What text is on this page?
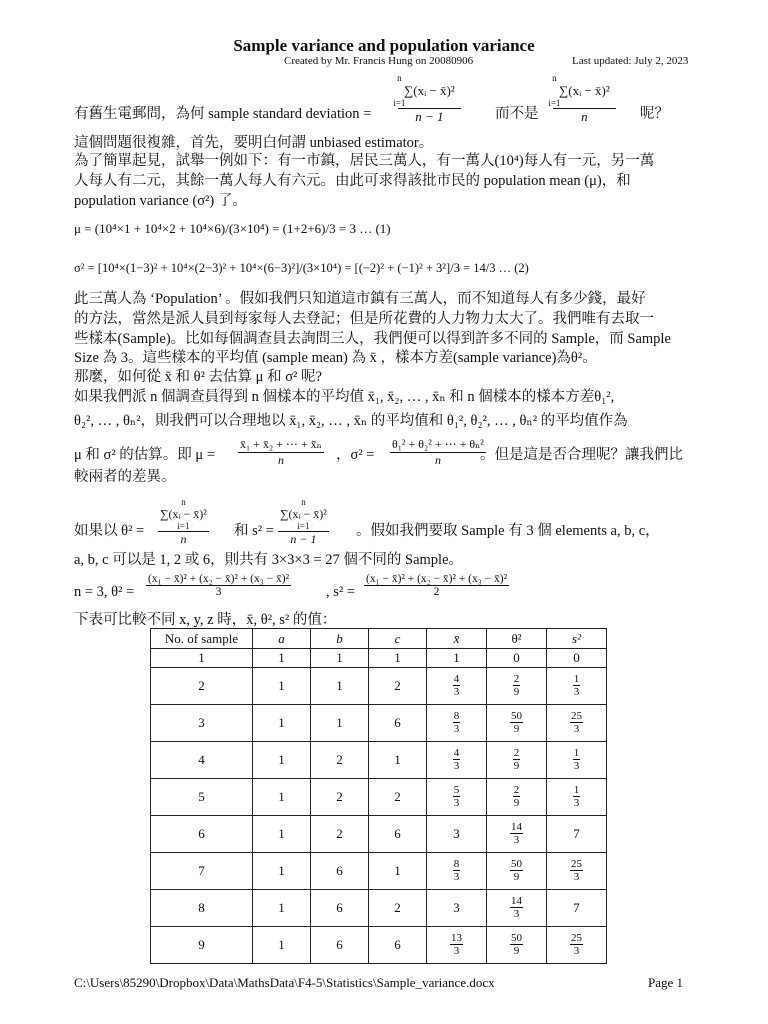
Sample variance and population variance
Created by Mr. Francis Hung on 20080906	Last updated: July 2, 2023
有舊生電郵問，為何 sample standard deviation =	n
∑(xᵢ − x̄)²
i=1
n − 1 而不是	n
∑(xᵢ − x̄)²
i=1
n 呢？
這個問題很複雜，首先，要明白何謂 unbiased estimator。
為了簡單起見，試舉一例如下：有一市鎮，居民三萬人，有一萬人(10⁴)每人有一元，另一萬
人每人有二元，其餘一萬人每人有六元。由此可求得該批市民的 population mean (μ)，和
population variance (σ²) 了。
μ = (10⁴×1 + 10⁴×2 + 10⁴×6)/(3×10⁴) = (1+2+6)/3 = 3 … (1)
σ² = [10⁴×(1−3)² + 10⁴×(2−3)² + 10⁴×(6−3)²]/(3×10⁴) = [(−2)² + (−1)² + 3²]/3 = 14/3 … (2)
此三萬人為 ‘Population’ 。假如我們只知道這市鎮有三萬人，而不知道每人有多少錢，最好
的方法，當然是派人員到每家每人去登記；但是所花費的人力物力太大了。我們唯有去取一
些樣本(Sample)。比如每個調查員去詢問三人，我們便可以得到許多不同的 Sample，而 Sample
Size 為 3。這些樣本的平均值 (sample mean) 為 x̄ ，樣本方差(sample variance)為θ²。
那麼，如何從 x̄ 和 θ² 去估算 μ 和 σ² 呢?
如果我們派 n 個調查員得到 n 個樣本的平均值 x̄₁, x̄₂, … , x̄ₙ 和 n 個樣本的樣本方差θ₁²,
θ₂², … , θₙ²，則我們可以合理地以 x̄₁, x̄₂, … , x̄ₙ 的平均值和 θ₁², θ₂², … , θₙ² 的平均值作為
μ 和 σ² 的估算。即 $\mu = \frac{\text{x̄₁ + x̄₂ + ⋯ + x̄ₙ}}{n}$ ，$\sigma^2 = \frac{\text{θ₁² + θ₂² + ⋯ + θₙ²}}{n}$
。但是這是否合理呢？讓我們比
較兩者的差異。
如果以 θ² = n
∑(xᵢ − x̄)²
i=1
n 和 s² = n
∑(xᵢ − x̄)²
i=1
n − 1 。假如我們要取 Sample 有 3 個 elements a, b, c，
a, b, c 可以是 1, 2 或 6，則共有 3×3×3 = 27 個不同的 Sample。
n = 3, $\theta^2 = \frac{\text{(x₁ − x̄)² + (x₂ − x̄)² + (x₃ − x̄)²}}{3}$ , $s^2 = \frac{\text{(x₁ − x̄)² + (x₂ − x̄)² + (x₃ − x̄)²}}{2}$
下表可比較不同 x, y, z 時，x̄, θ², s² 的值：
No. of sample	a	b	c	x̄	θ²	s²
1	1	1	1	1	0	0
2	1	1	2	$\frac{4}{3}$	$\frac{2}{9}$	$\frac{1}{3}$

3	1	1	6	$\frac{8}{3}$	$\frac{50}{9}$	$\frac{25}{3}$

4	1	2	1	$\frac{4}{3}$	$\frac{2}{9}$	$\frac{1}{3}$

5	1	2	2	$\frac{5}{3}$	$\frac{2}{9}$	$\frac{1}{3}$

6	1	2	6	3	$\frac{14}{3}$	7
7	1	6	1	$\frac{8}{3}$	$\frac{50}{9}$	$\frac{25}{3}$

8	1	6	2	3	$\frac{14}{3}$	7
9	1	6	6	$\frac{13}{3}$	$\frac{50}{9}$	$\frac{25}{3}$
C:\Users\85290\Dropbox\Data\MathsData\F4-5\Statistics\Sample_variance.docx	Page 1
